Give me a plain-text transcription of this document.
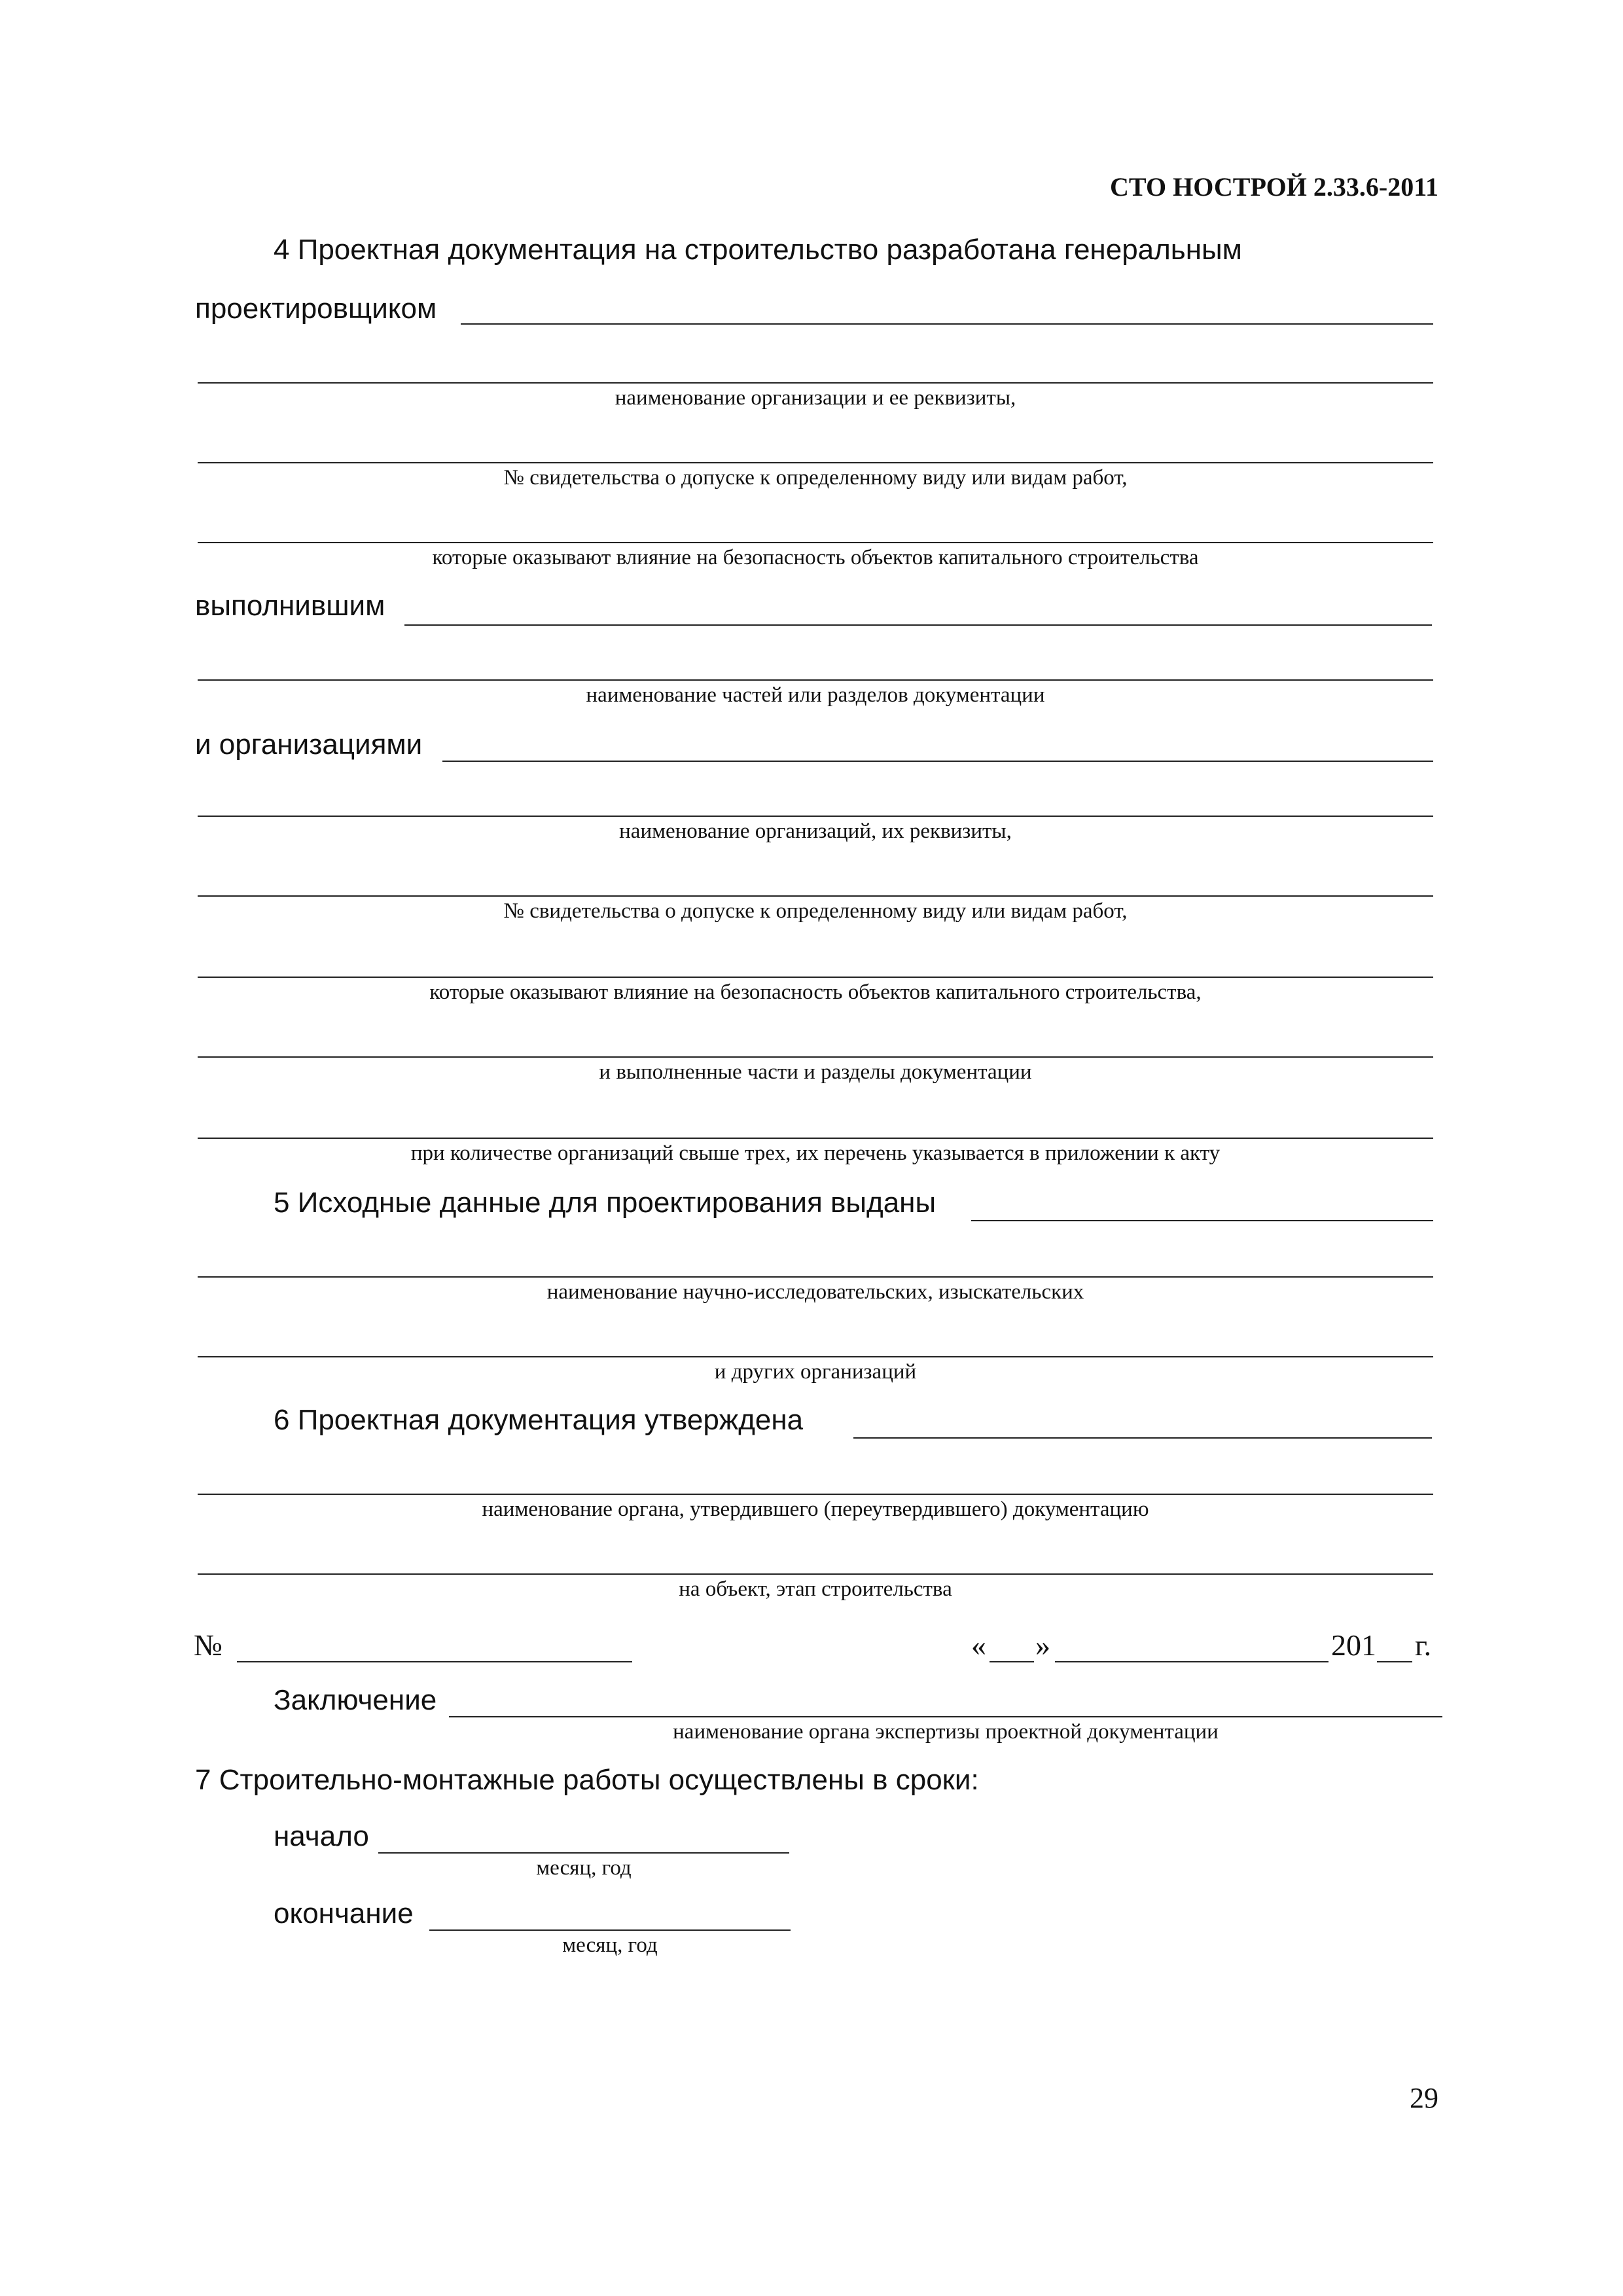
СТО НОСТРОЙ 2.33.6-2011
4 Проектная документация на строительство разработана генеральным
проектировщиком
наименование организации и ее реквизиты,
№ свидетельства о допуске к определенному виду или видам работ,
которые оказывают влияние на безопасность объектов капитального строительства
выполнившим
наименование частей или разделов документации
и организациями
наименование организаций, их реквизиты,
№ свидетельства о допуске к определенному виду или видам работ,
которые оказывают влияние на безопасность объектов капитального строительства,
и выполненные части и разделы документации
при количестве организаций свыше трех, их перечень указывается в приложении к акту
5 Исходные данные для проектирования выданы
наименование научно-исследовательских, изыскательских
и других организаций
6 Проектная документация утверждена
наименование органа, утвердившего (переутвердившего) документацию
на объект, этап строительства
№	« »	201 г.
Заключение
наименование органа экспертизы проектной документации
7 Строительно-монтажные работы осуществлены в сроки:
начало
месяц, год
окончание
месяц, год
29
